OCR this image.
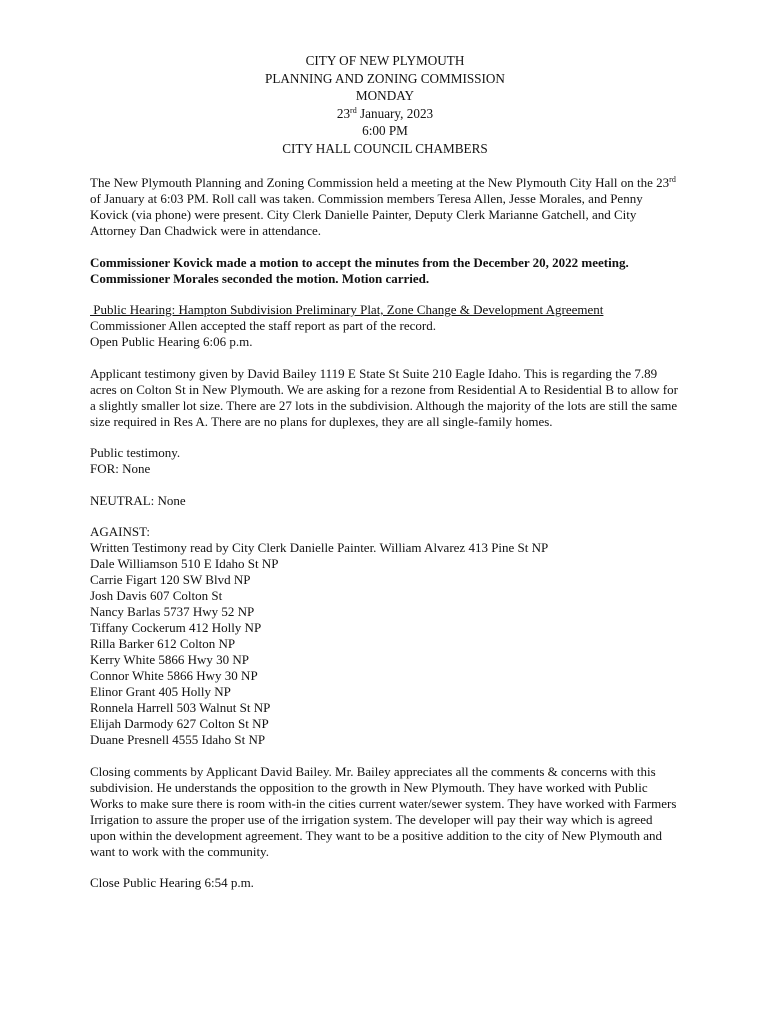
CITY OF NEW PLYMOUTH
PLANNING AND ZONING COMMISSION
MONDAY
23rd January, 2023
6:00 PM
CITY HALL COUNCIL CHAMBERS

The New Plymouth Planning and Zoning Commission held a meeting at the New Plymouth City Hall on the 23rd of January at 6:03 PM. Roll call was taken. Commission members Teresa Allen, Jesse Morales, and Penny Kovick (via phone) were present. City Clerk Danielle Painter, Deputy Clerk Marianne Gatchell, and City Attorney Dan Chadwick were in attendance.

Commissioner Kovick made a motion to accept the minutes from the December 20, 2022 meeting.
Commissioner Morales seconded the motion. Motion carried.

Public Hearing: Hampton Subdivision Preliminary Plat, Zone Change & Development Agreement
Commissioner Allen accepted the staff report as part of the record.
Open Public Hearing 6:06 p.m.

Applicant testimony given by David Bailey 1119 E State St Suite 210 Eagle Idaho. This is regarding the 7.89 acres on Colton St in New Plymouth. We are asking for a rezone from Residential A to Residential B to allow for a slightly smaller lot size. There are 27 lots in the subdivision. Although the majority of the lots are still the same size required in Res A. There are no plans for duplexes, they are all single-family homes.

Public testimony.
FOR: None

NEUTRAL: None

AGAINST:
Written Testimony read by City Clerk Danielle Painter. William Alvarez 413 Pine St NP
Dale Williamson 510 E Idaho St NP
Carrie Figart 120 SW Blvd NP
Josh Davis 607 Colton St
Nancy Barlas 5737 Hwy 52 NP
Tiffany Cockerum 412 Holly NP
Rilla Barker 612 Colton NP
Kerry White 5866 Hwy 30 NP
Connor White 5866 Hwy 30 NP
Elinor Grant 405 Holly NP
Ronnela Harrell 503 Walnut St NP
Elijah Darmody 627 Colton St NP
Duane Presnell 4555 Idaho St NP

Closing comments by Applicant David Bailey. Mr. Bailey appreciates all the comments & concerns with this subdivision. He understands the opposition to the growth in New Plymouth. They have worked with Public Works to make sure there is room with-in the cities current water/sewer system. They have worked with Farmers Irrigation to assure the proper use of the irrigation system. The developer will pay their way which is agreed upon within the development agreement. They want to be a positive addition to the city of New Plymouth and want to work with the community.

Close Public Hearing 6:54 p.m.
